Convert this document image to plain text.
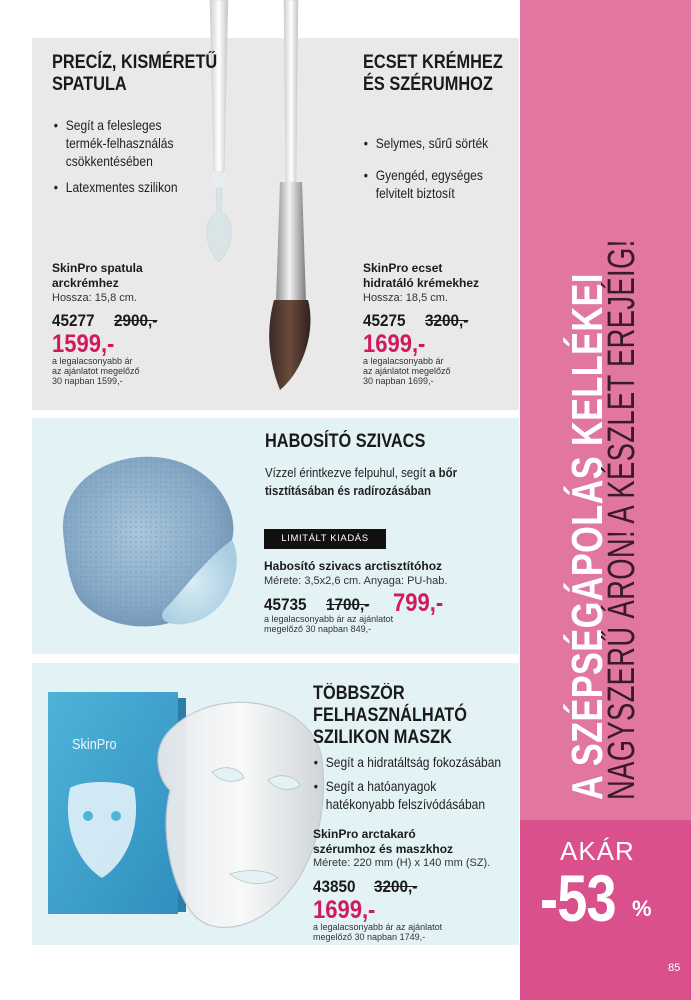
A SZÉPSÉGÁPOLÁS KELLÉKEI
NAGYSZERŰ ÁRON! A KÉSZLET EREJÉIG!
AKÁR
-53 %
85
PRECÍZ, KISMÉRETŰ
SPATULA
• Segít a felesleges
termék-felhasználás
csökkentésében
• Latexmentes szilikon
SkinPro spatula
arckrémhez
Hossza: 15,8 cm.
45277 2900,-
1599,-
a legalacsonyabb ár
az ajánlatot megelőző
30 napban 1599,-
ECSET KRÉMHEZ
ÉS SZÉRUMHOZ
• Selymes, sűrű sörték
• Gyengéd, egységes
felvitelt biztosít
SkinPro ecset
hidratáló krémekhez
Hossza: 18,5 cm.
45275 3200,-
1699,-
a legalacsonyabb ár
az ajánlatot megelőző
30 napban 1699,-
HABOSÍTÓ SZIVACS
Vízzel érintkezve felpuhul, segít a bőr
tisztításában és radírozásában
LIMITÁLT KIADÁS
Habosító szivacs arctisztítóhoz
Mérete: 3,5x2,6 cm. Anyaga: PU-hab.
45735 1700,- 799,-
a legalacsonyabb ár az ajánlatot
megelőző 30 napban 849,-
SkinPro
TÖBBSZÖR
FELHASZNÁLHATÓ
SZILIKON MASZK
• Segít a hidratáltság fokozásában
• Segít a hatóanyagok
hatékonyabb felszívódásában
SkinPro arctakaró
szérumhoz és maszkhoz
Mérete: 220 mm (H) x 140 mm (SZ).
43850 3200,-
1699,-
a legalacsonyabb ár az ajánlatot
megelőző 30 napban 1749,-
